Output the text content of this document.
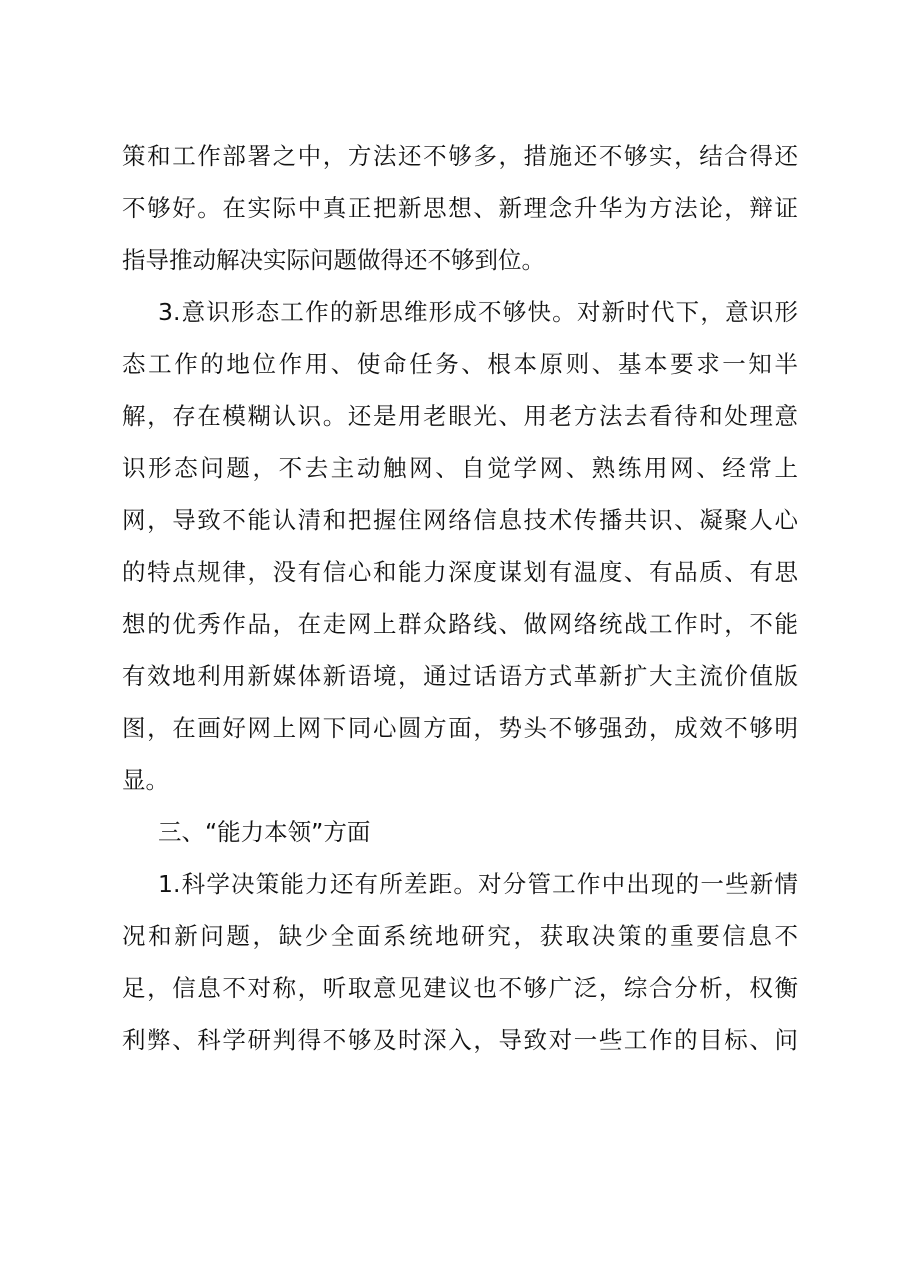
策和工作部署之中，方法还不够多，措施还不够实，结合得还
不够好。在实际中真正把新思想、新理念升华为方法论，辩证
指导推动解决实际问题做得还不够到位。
3.意识形态工作的新思维形成不够快。对新时代下，意识形
态工作的地位作用、使命任务、根本原则、基本要求一知半
解，存在模糊认识。还是用老眼光、用老方法去看待和处理意
识形态问题，不去主动触网、自觉学网、熟练用网、经常上
网，导致不能认清和把握住网络信息技术传播共识、凝聚人心
的特点规律，没有信心和能力深度谋划有温度、有品质、有思
想的优秀作品，在走网上群众路线、做网络统战工作时，不能
有效地利用新媒体新语境，通过话语方式革新扩大主流价值版
图，在画好网上网下同心圆方面，势头不够强劲，成效不够明
显。
三、“能力本领”方面
1.科学决策能力还有所差距。对分管工作中出现的一些新情
况和新问题，缺少全面系统地研究，获取决策的重要信息不
足，信息不对称，听取意见建议也不够广泛，综合分析，权衡
利弊、科学研判得不够及时深入，导致对一些工作的目标、问
